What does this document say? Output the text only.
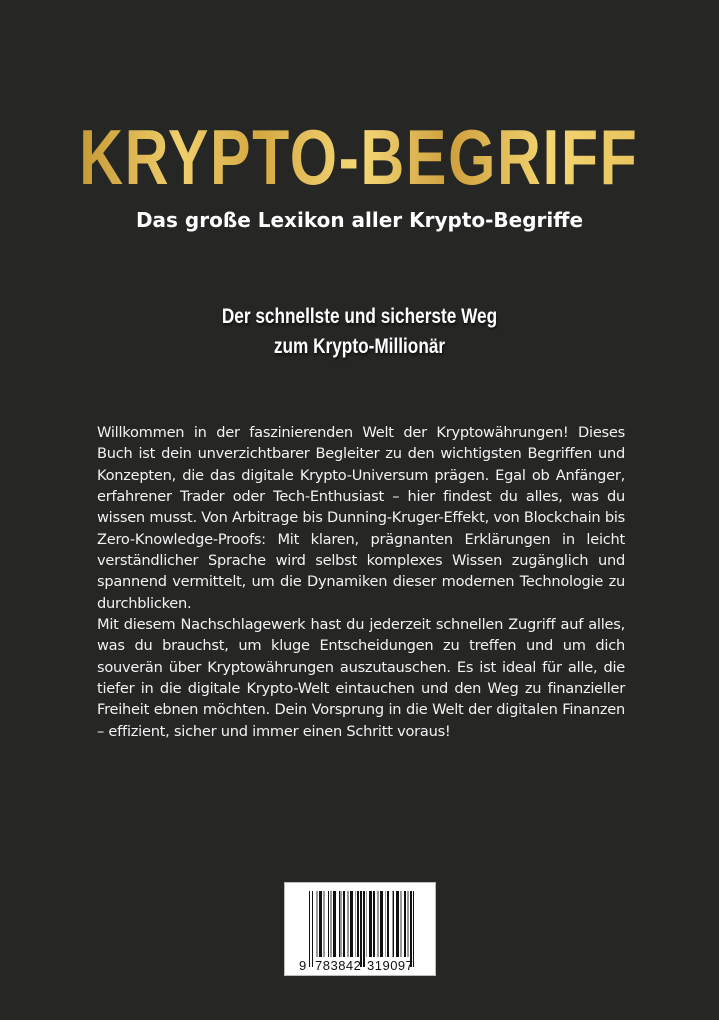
KRYPTO-BEGRIFFE
Das große Lexikon aller Krypto-Begriffe
Der schnellste und sicherste Weg
zum Krypto-Millionär

Willkommen in der faszinierenden Welt der Kryptowährungen! Dieses Buch ist dein unverzichtbarer Begleiter zu den wichtigsten Begriffen und Konzepten, die das digitale Krypto-Universum prägen. Egal ob Anfänger, erfahrener Trader oder Tech-Enthusiast – hier findest du alles, was du wissen musst. Von Arbitrage bis Dunning-Kruger-Effekt, von Blockchain bis Zero-Knowledge-Proofs: Mit klaren, prägnanten Erklärungen in leicht verständlicher Sprache wird selbst komplexes Wissen zugänglich und spannend vermittelt, um die Dynamiken dieser modernen Technologie zu durchblicken.

Mit diesem Nachschlagewerk hast du jederzeit schnellen Zugriff auf alles, was du brauchst, um kluge Entscheidungen zu treffen und um dich souverän über Kryptowährungen auszutauschen. Es ist ideal für alle, die tiefer in die digitale Krypto-Welt eintauchen und den Weg zu finanzieller Freiheit ebnen möchten. Dein Vorsprung in die Welt der digitalen Finanzen – effizient, sicher und immer einen Schritt voraus!

9 783842 319097
